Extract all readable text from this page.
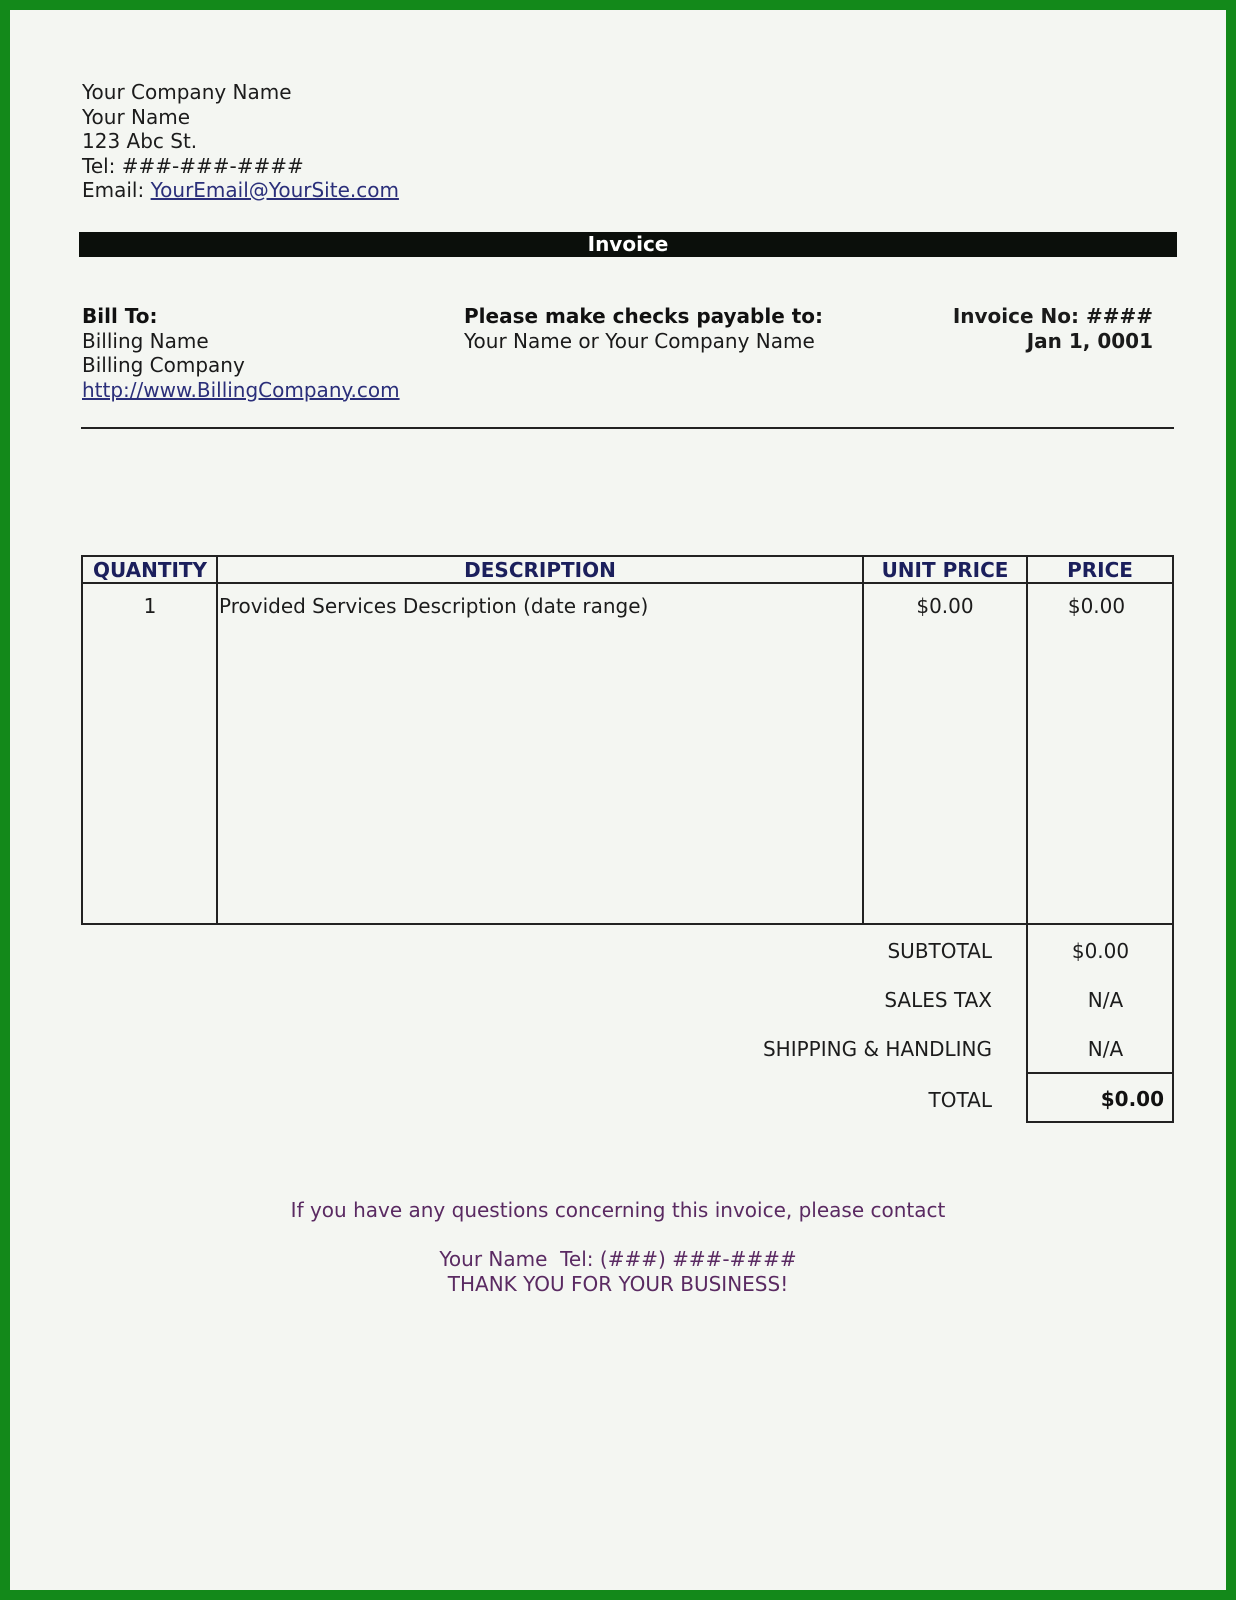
Your Company Name
Your Name
123 Abc St.
Tel: ###-###-####
Email: YourEmail@YourSite.com
Invoice
Bill To:
Billing Name
Billing Company
http://www.BillingCompany.com
Please make checks payable to:
Your Name or Your Company Name
Invoice No: ####
Jan 1, 0001
QUANTITY	DESCRIPTION	UNIT PRICE	PRICE
1	Provided Services Description (date range)	$0.00	$0.00
SUBTOTAL	$0.00
SALES TAX	N/A
SHIPPING & HANDLING	N/A
TOTAL	$0.00
If you have any questions concerning this invoice, please contact
Your Name  Tel: (###) ###-####
THANK YOU FOR YOUR BUSINESS!
